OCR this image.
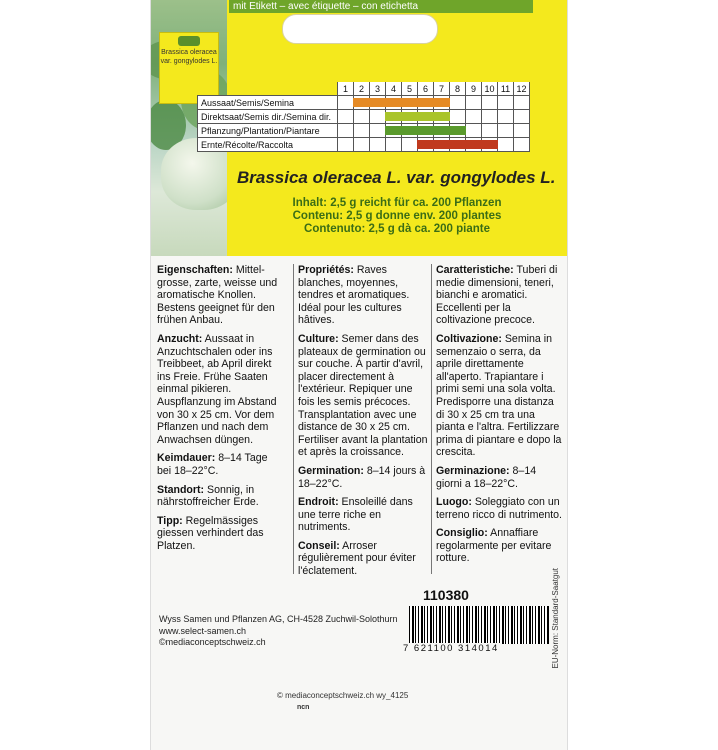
Brassica oleracea
var. gongylodes L.
mit Etikett – avec étiquette – con etichetta
	1	2	3	4	5	6	7	8	9	10	11	12
Aussaat/Semis/Semina		

Direktsaat/Semis dir./Semina dir.				

Pflanzung/Plantation/Piantare				

Ernte/Récolte/Raccolta						

Brassica oleracea L. var. gongylodes L.
Inhalt: 2,5 g reicht für ca. 200 Pflanzen
Contenu: 2,5 g donne env. 200 plantes
Contenuto: 2,5 g dà ca. 200 piante

Eigenschaften: Mittel-grosse, zarte, weisse und aromatische Knollen. Bestens geeignet für den frühen Anbau.

Anzucht: Aussaat in Anzuchtschalen oder ins Treibbeet, ab April direkt ins Freie. Frühe Saaten einmal pikieren. Auspflanzung im Abstand von 30 x 25 cm. Vor dem Pflanzen und nach dem Anwachsen düngen.

Keimdauer: 8–14 Tage bei 18–22°C.

Standort: Sonnig, in nährstoffreicher Erde.

Tipp: Regelmässiges giessen verhindert das Platzen.

Propriétés: Raves blanches, moyennes, tendres et aromatiques. Idéal pour les cultures hâtives.

Culture: Semer dans des plateaux de germination ou sur couche. À partir d'avril, placer directement à l'extérieur. Repiquer une fois les semis précoces. Transplantation avec une distance de 30 x 25 cm. Fertiliser avant la plantation et après la croissance.

Germination: 8–14 jours à 18–22°C.

Endroit: Ensoleillé dans une terre riche en nutriments.

Conseil: Arroser régulièrement pour éviter l'éclatement.

Caratteristiche: Tuberi di medie dimensioni, teneri, bianchi e aromatici. Eccellenti per la coltivazione precoce.

Coltivazione: Semina in semenzaio o serra, da aprile direttamente all'aperto. Trapiantare i primi semi una sola volta. Predisporre una distanza di 30 x 25 cm tra una pianta e l'altra. Fertilizzare prima di piantare e dopo la crescita.

Germinazione: 8–14 giorni a 18–22°C.

Luogo: Soleggiato con un terreno ricco di nutrimento.

Consiglio: Annaffiare regolarmente per evitare rotture.

110380	EU-Norm: Standard-Saatgut
Wyss Samen und Pflanzen AG, CH-4528 Zuchwil-Solothurn
www.select-samen.ch
©mediaconceptschweiz.ch
7 621100 314014
© mediaconceptschweiz.ch wy_4125
ncn
